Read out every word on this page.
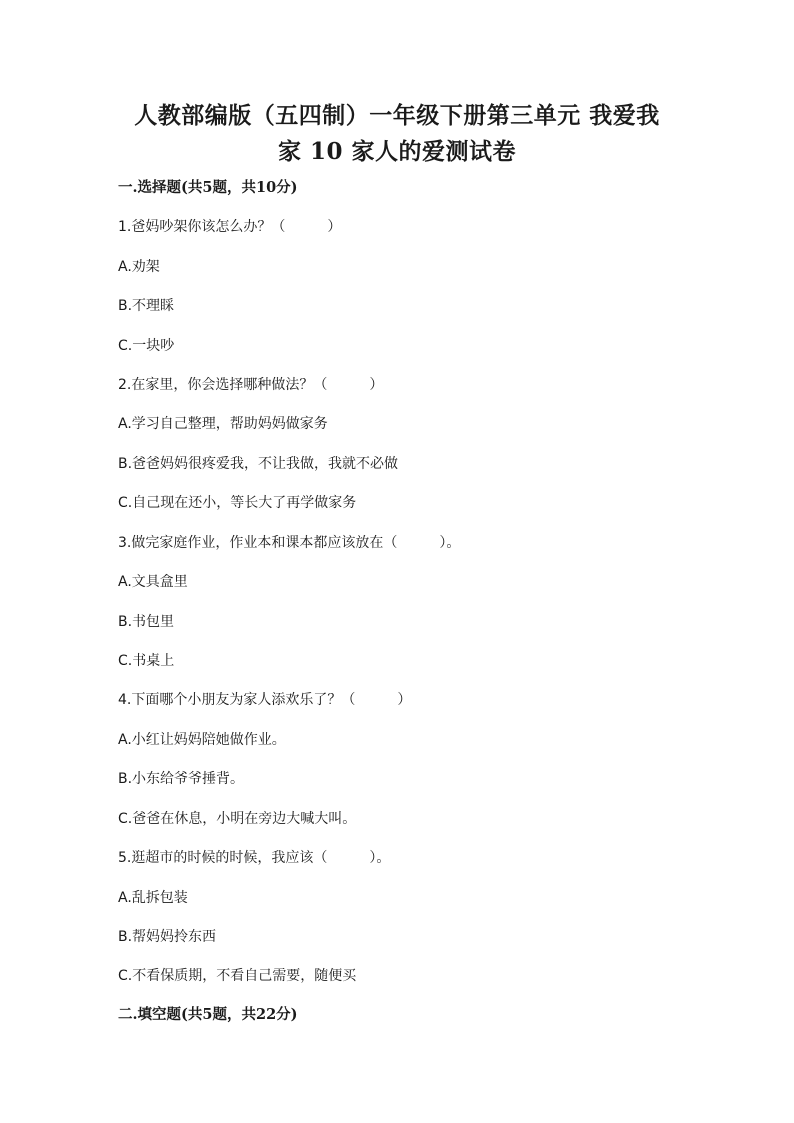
人教部编版（五四制）一年级下册第三单元 我爱我
家 10 家人的爱测试卷
一.选择题(共5题，共10分)
1.爸妈吵架你该怎么办？（　　　）
A.劝架
B.不理睬
C.一块吵
2.在家里，你会选择哪种做法？（　　　）
A.学习自己整理，帮助妈妈做家务
B.爸爸妈妈很疼爱我，不让我做，我就不必做
C.自己现在还小，等长大了再学做家务
3.做完家庭作业，作业本和课本都应该放在（　　　）。
A.文具盒里
B.书包里
C.书桌上
4.下面哪个小朋友为家人添欢乐了？（　　　）
A.小红让妈妈陪她做作业。
B.小东给爷爷捶背。
C.爸爸在休息，小明在旁边大喊大叫。
5.逛超市的时候的时候，我应该（　　　）。
A.乱拆包装
B.帮妈妈拎东西
C.不看保质期，不看自己需要，随便买
二.填空题(共5题，共22分)
